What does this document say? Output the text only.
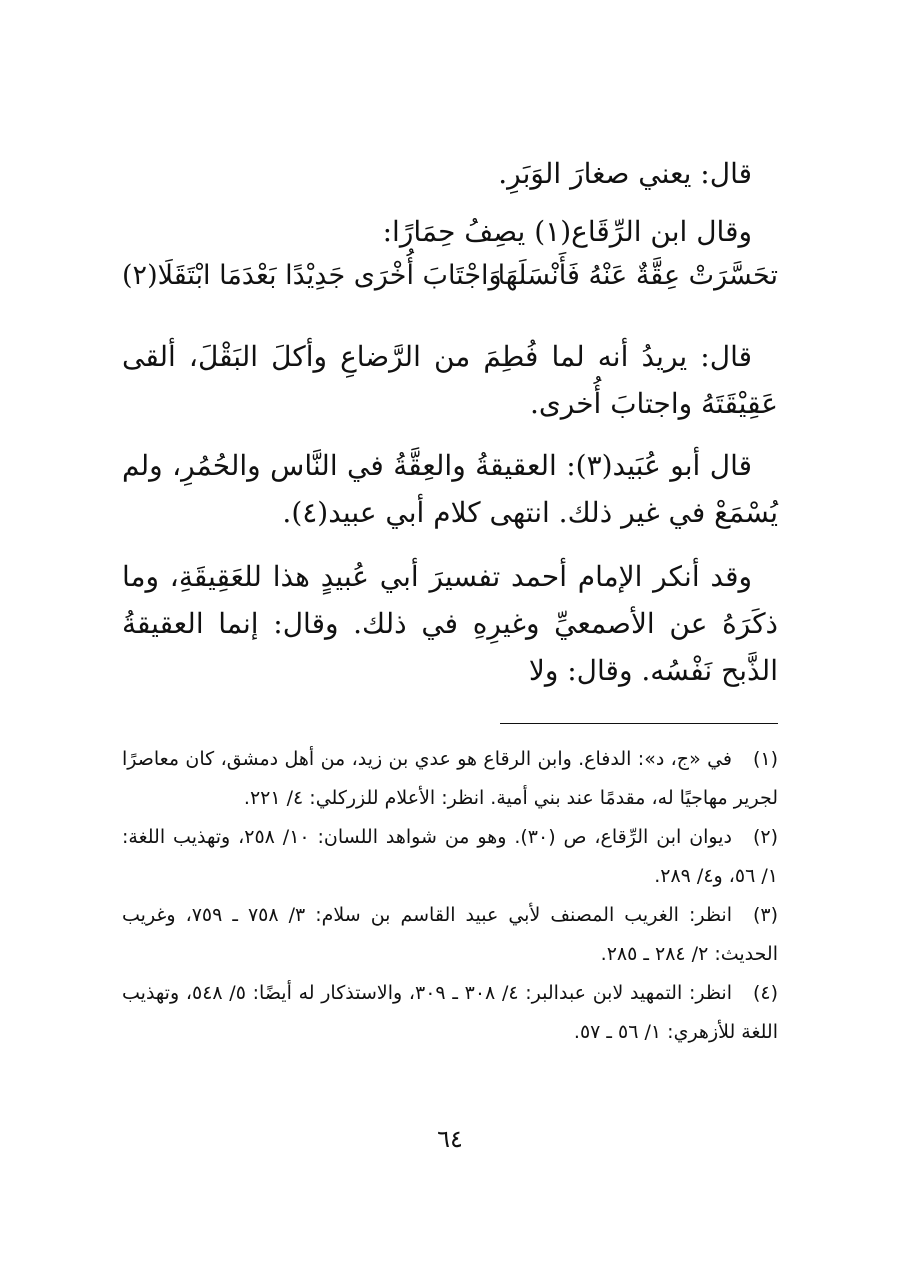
قال: يعني صغارَ الوَبَرِ.

وقال ابن الرِّقَاع(١) يصِفُ حِمَارًا:

تحَسَّرَتْ عِقَّةٌ عَنْهُ فَأَنْسَلَهَا
وَاجْتَابَ أُخْرَى جَدِيْدًا بَعْدَمَا ابْتَقَلَا(٢)

قال: يريدُ أنه لما فُطِمَ من الرَّضاعِ وأكلَ البَقْلَ، ألقى عَقِيْقَتَهُ واجتابَ أُخرى.

قال أبو عُبَيد(٣): العقيقةُ والعِقَّةُ في النَّاس والحُمُرِ، ولم يُسْمَعْ في غير ذلك. انتهى كلام أبي عبيد(٤).

وقد أنكر الإمام أحمد تفسيرَ أبي عُبيدٍ هذا للعَقِيقَةِ، وما ذكَرَهُ عن الأصمعيِّ وغيرِهِ في ذلك. وقال: إنما العقيقةُ الذَّبح نَفْسُه. وقال: ولا

(١)في «ج، د»: الدفاع. وابن الرقاع هو عدي بن زيد، من أهل دمشق، كان معاصرًا لجرير مهاجيًا له، مقدمًا عند بني أمية. انظر: الأعلام للزركلي: ٤/ ٢٢١.

(٢)ديوان ابن الرِّقاع، ص (٣٠). وهو من شواهد اللسان: ١٠/ ٢٥٨، وتهذيب اللغة: ١/ ٥٦، و٤/ ٢٨٩.

(٣)انظر: الغريب المصنف لأبي عبيد القاسم بن سلام: ٣/ ٧٥٨ ـ ٧٥٩، وغريب الحديث: ٢/ ٢٨٤ ـ ٢٨٥.

(٤)انظر: التمهيد لابن عبدالبر: ٤/ ٣٠٨ ـ ٣٠٩، والاستذكار له أيضًا: ٥/ ٥٤٨، وتهذيب اللغة للأزهري: ١/ ٥٦ ـ ٥٧.

٦٤
